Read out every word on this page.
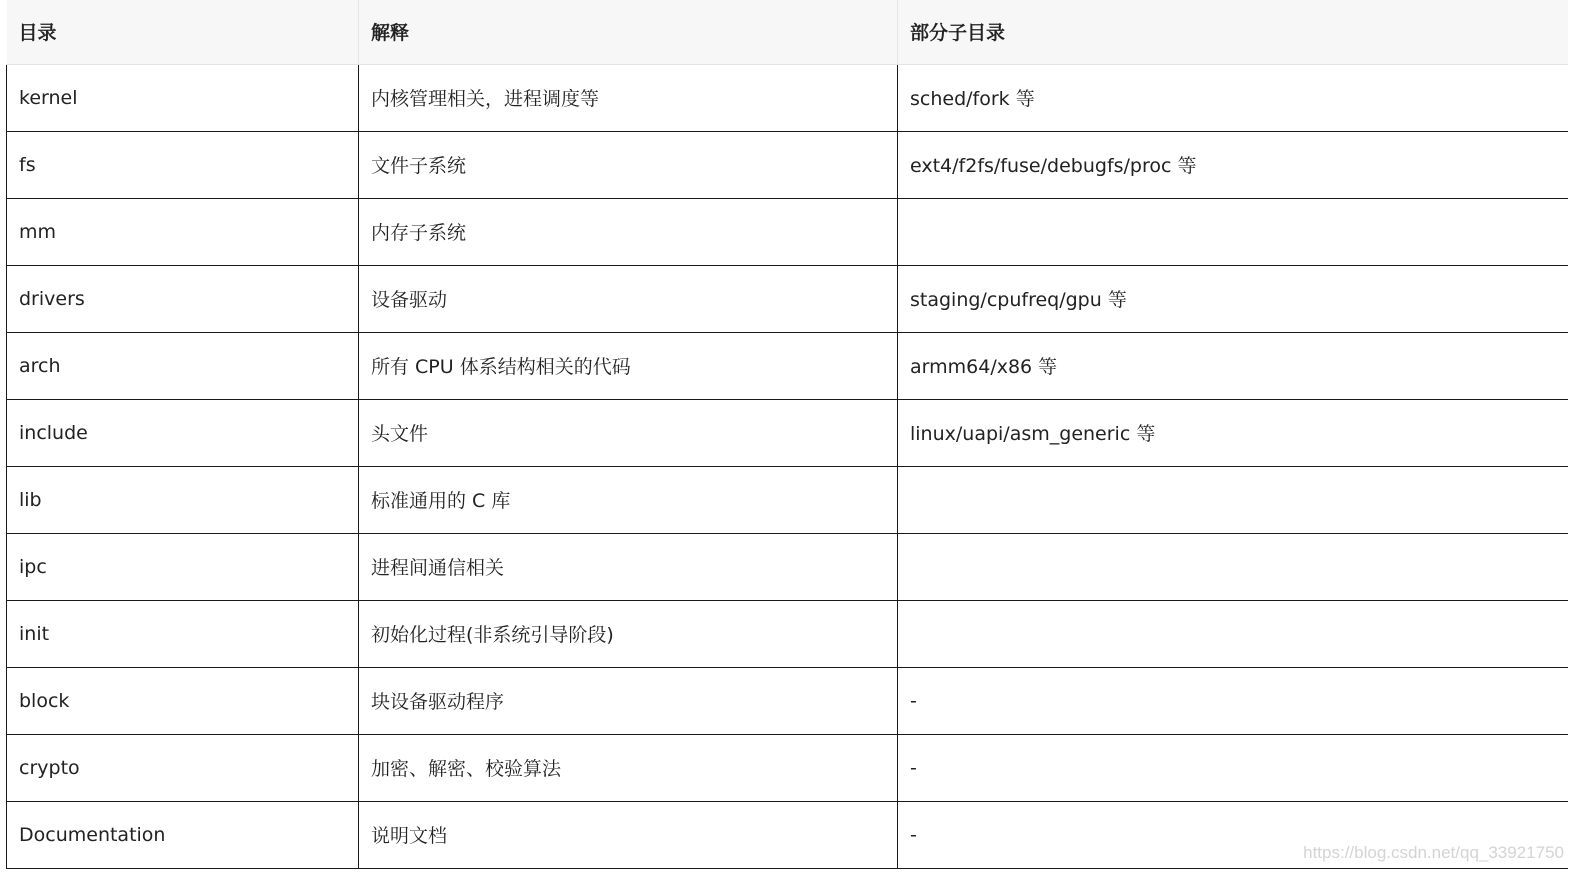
目录	解释	部分子目录
kernel	内核管理相关，进程调度等	sched/fork 等
fs	文件子系统	ext4/f2fs/fuse/debugfs/proc 等
mm	内存子系统	
drivers	设备驱动	staging/cpufreq/gpu 等
arch	所有 CPU 体系结构相关的代码	armm64/x86 等
include	头文件	linux/uapi/asm_generic 等
lib	标准通用的 C 库	
ipc	进程间通信相关	
init	初始化过程(非系统引导阶段)	
block	块设备驱动程序	-
crypto	加密、解密、校验算法	-
Documentation	说明文档	-
https://blog.csdn.net/qq_33921750
